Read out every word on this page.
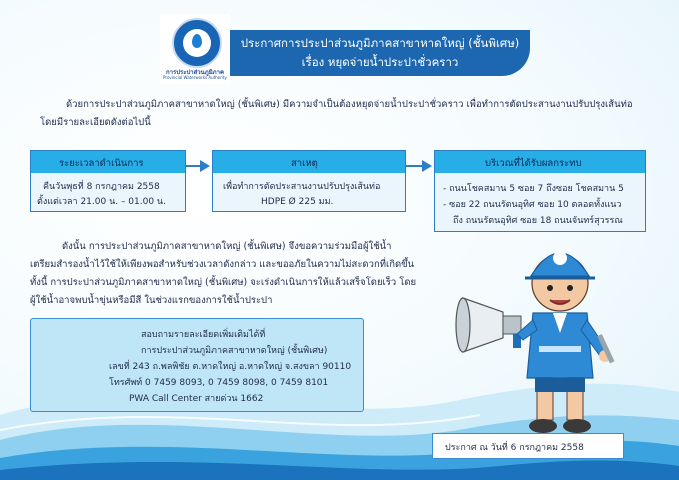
การประปาส่วนภูมิภาค
Provincial Waterworks Authority
ประกาศการประปาส่วนภูมิภาคสาขาหาดใหญ่ (ชั้นพิเศษ)
เรื่อง หยุดจ่ายน้ำประปาชั่วคราว
ด้วยการประปาส่วนภูมิภาคสาขาหาดใหญ่ (ชั้นพิเศษ) มีความจำเป็นต้องหยุดจ่ายน้ำประปาชั่วคราว เพื่อทำการตัดประสานงานปรับปรุงเส้นท่อ
โดยมีรายละเอียดดังต่อไปนี้
ระยะเวลาดำเนินการ
คืนวันพุธที่ 8 กรกฎาคม 2558
ตั้งแต่เวลา 21.00 น. – 01.00 น.
สาเหตุ
เพื่อทำการตัดประสานงานปรับปรุงเส้นท่อ
HDPE Ø 225 มม.
บริเวณที่ได้รับผลกระทบ
- ถนนโชคสมาน 5 ซอย 7 ถึงซอย โชคสมาน 5
- ซอย 22 ถนนรัตนอุทิศ ซอย 10 ตลอดทั้งแนว
ถึง ถนนรัตนอุทิศ ซอย 18 ถนนจันทร์สุวรรณ
ดังนั้น การประปาส่วนภูมิภาคสาขาหาดใหญ่ (ชั้นพิเศษ) จึงขอความร่วมมือผู้ใช้น้ำ
เตรียมสำรองน้ำไว้ใช้ให้เพียงพอสำหรับช่วงเวลาดังกล่าว และขออภัยในความไม่สะดวกที่เกิดขึ้น
ทั้งนี้ การประปาส่วนภูมิภาคสาขาหาดใหญ่ (ชั้นพิเศษ) จะเร่งดำเนินการให้แล้วเสร็จโดยเร็ว โดย
ผู้ใช้น้ำอาจพบน้ำขุ่นหรือมีสี ในช่วงแรกของการใช้น้ำประปา
สอบถามรายละเอียดเพิ่มเติมได้ที่
การประปาส่วนภูมิภาคสาขาหาดใหญ่ (ชั้นพิเศษ)
เลขที่ 243 ถ.พลพิชัย ต.หาดใหญ่ อ.หาดใหญ่ จ.สงขลา 90110
โทรศัพท์ 0 7459 8093, 0 7459 8098, 0 7459 8101
PWA Call Center สายด่วน 1662
ประกาศ ณ วันที่ 6 กรกฎาคม 2558
